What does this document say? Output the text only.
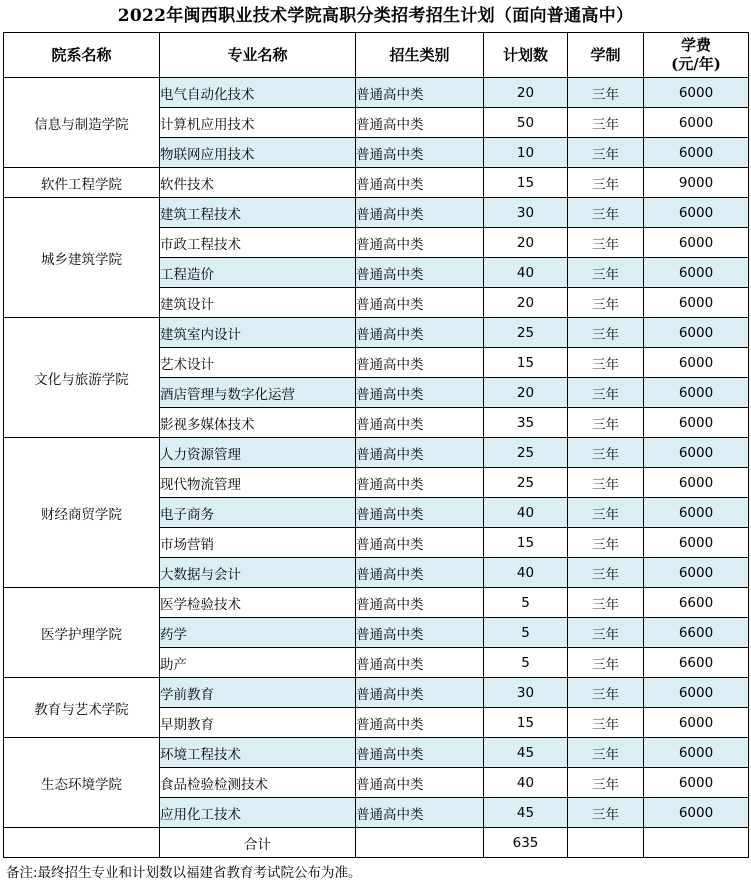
2022年闽西职业技术学院高职分类招考招生计划（面向普通高中）
院系名称	专业名称	招生类别	计划数	学制	学费
(元/年)

信息与制造学院	电气自动化技术	普通高中类	20	三年	6000
	计算机应用技术	普通高中类	50	三年	6000
	物联网应用技术	普通高中类	10	三年	6000
软件工程学院	软件技术	普通高中类	15	三年	9000
城乡建筑学院	建筑工程技术	普通高中类	30	三年	6000
	市政工程技术	普通高中类	20	三年	6000
	工程造价	普通高中类	40	三年	6000
	建筑设计	普通高中类	20	三年	6000
文化与旅游学院	建筑室内设计	普通高中类	25	三年	6000
	艺术设计	普通高中类	15	三年	6000
	酒店管理与数字化运营	普通高中类	20	三年	6000
	影视多媒体技术	普通高中类	35	三年	6000
财经商贸学院	人力资源管理	普通高中类	25	三年	6000
	现代物流管理	普通高中类	25	三年	6000
	电子商务	普通高中类	40	三年	6000
	市场营销	普通高中类	15	三年	6000
	大数据与会计	普通高中类	40	三年	6000
医学护理学院	医学检验技术	普通高中类	5	三年	6600
	药学	普通高中类	5	三年	6600
	助产	普通高中类	5	三年	6600
教育与艺术学院	学前教育	普通高中类	30	三年	6000
	早期教育	普通高中类	15	三年	6000
生态环境学院	环境工程技术	普通高中类	45	三年	6000
	食品检验检测技术	普通高中类	40	三年	6000
	应用化工技术	普通高中类	45	三年	6000
	合计		635		
备注:最终招生专业和计划数以福建省教育考试院公布为准。
